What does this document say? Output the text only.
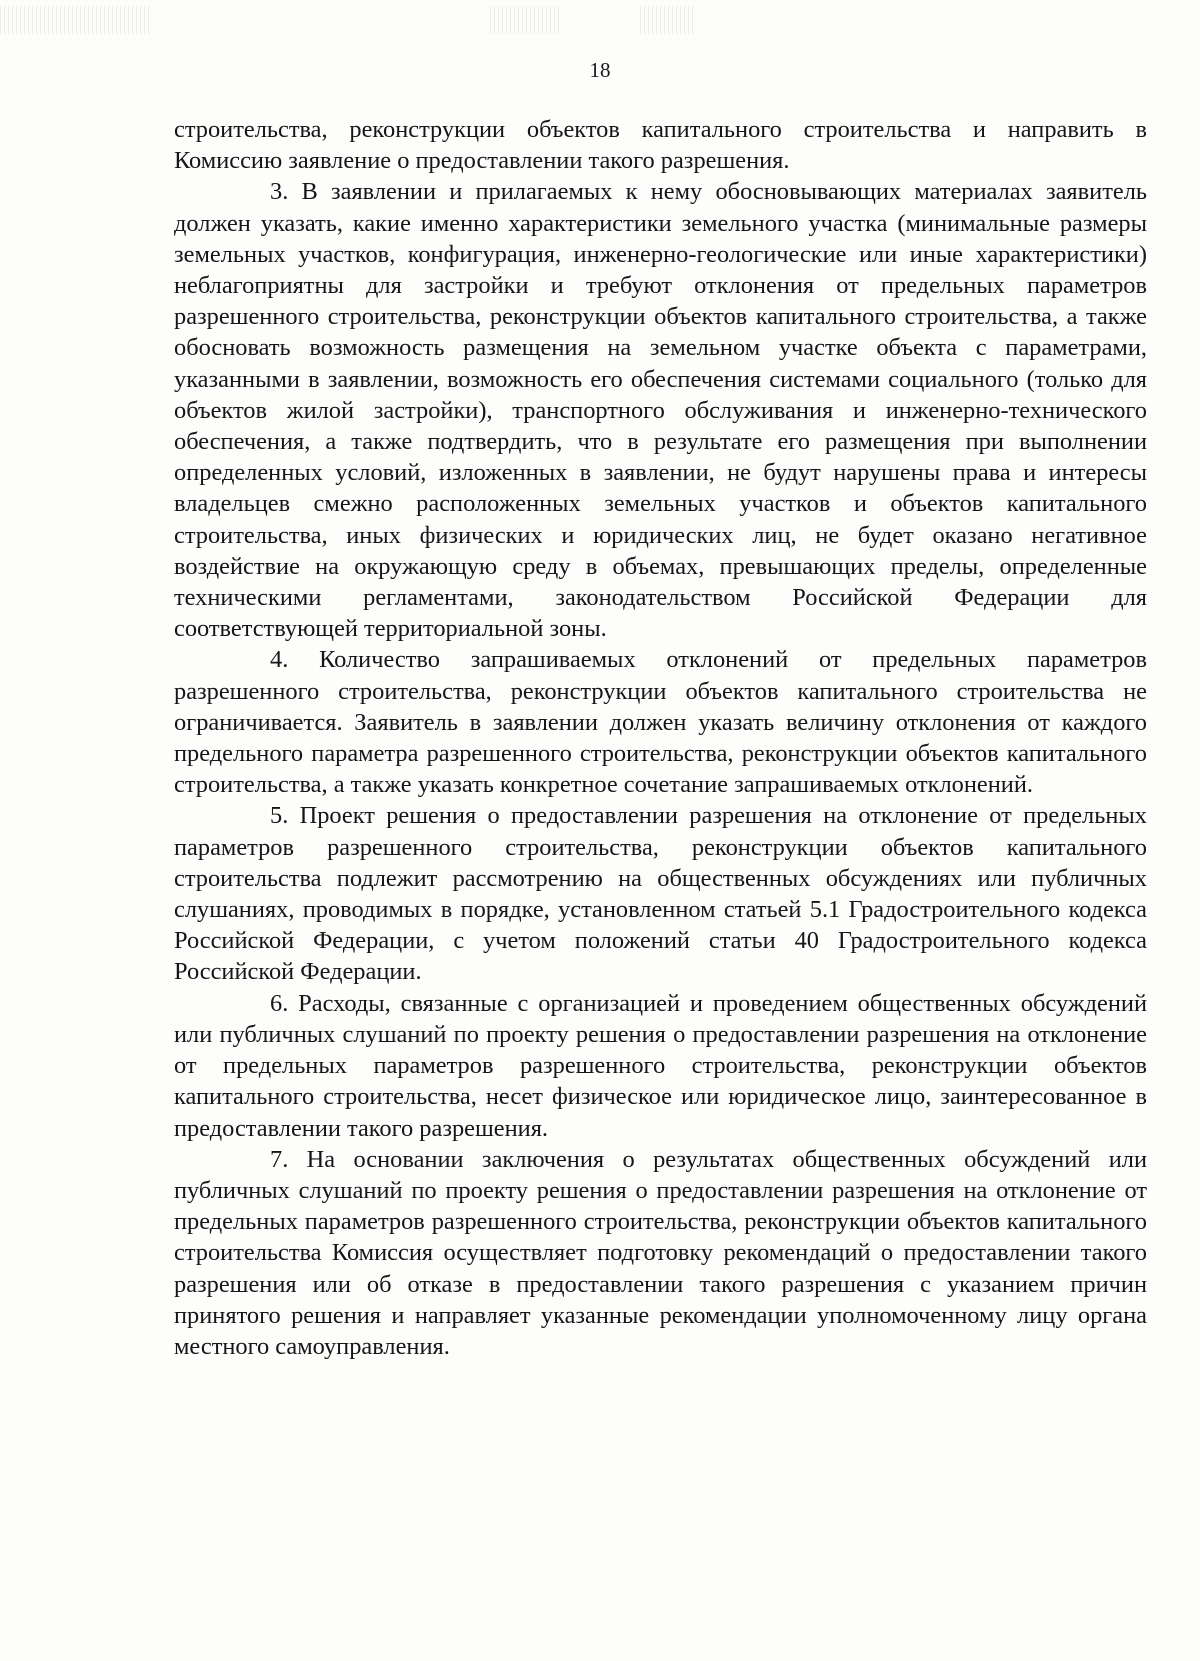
18

строительства, реконструкции объектов капитального строительства и направить в Комиссию заявление о предоставлении такого разрешения.

3. В заявлении и прилагаемых к нему обосновывающих материалах заявитель должен указать, какие именно характеристики земельного участка (минимальные размеры земельных участков, конфигурация, инженерно-геологические или иные характеристики) неблагоприятны для застройки и требуют отклонения от предельных параметров разрешенного строительства, реконструкции объектов капитального строительства, а также обосновать возможность размещения на земельном участке объекта с параметрами, указанными в заявлении, возможность его обеспечения системами социального (только для объектов жилой застройки), транспортного обслуживания и инженерно-технического обеспечения, а также подтвердить, что в результате его размещения при выполнении определенных условий, изложенных в заявлении, не будут нарушены права и интересы владельцев смежно расположенных земельных участков и объектов капитального строительства, иных физических и юридических лиц, не будет оказано негативное воздействие на окружающую среду в объемах, превышающих пределы, определенные техническими регламентами, законодательством Российской Федерации для соответствующей территориальной зоны.

4. Количество запрашиваемых отклонений от предельных параметров разрешенного строительства, реконструкции объектов капитального строительства не ограничивается. Заявитель в заявлении должен указать величину отклонения от каждого предельного параметра разрешенного строительства, реконструкции объектов капитального строительства, а также указать конкретное сочетание запрашиваемых отклонений.

5. Проект решения о предоставлении разрешения на отклонение от предельных параметров разрешенного строительства, реконструкции объектов капитального строительства подлежит рассмотрению на общественных обсуждениях или публичных слушаниях, проводимых в порядке, установленном статьей 5.1 Градостроительного кодекса Российской Федерации, с учетом положений статьи 40 Градостроительного кодекса Российской Федерации.

6. Расходы, связанные с организацией и проведением общественных обсуждений или публичных слушаний по проекту решения о предоставлении разрешения на отклонение от предельных параметров разрешенного строительства, реконструкции объектов капитального строительства, несет физическое или юридическое лицо, заинтересованное в предоставлении такого разрешения.

7. На основании заключения о результатах общественных обсуждений или публичных слушаний по проекту решения о предоставлении разрешения на отклонение от предельных параметров разрешенного строительства, реконструкции объектов капитального строительства Комиссия осуществляет подготовку рекомендаций о предоставлении такого разрешения или об отказе в предоставлении такого разрешения с указанием причин принятого решения и направляет указанные рекомендации уполномоченному лицу органа местного самоуправления.
